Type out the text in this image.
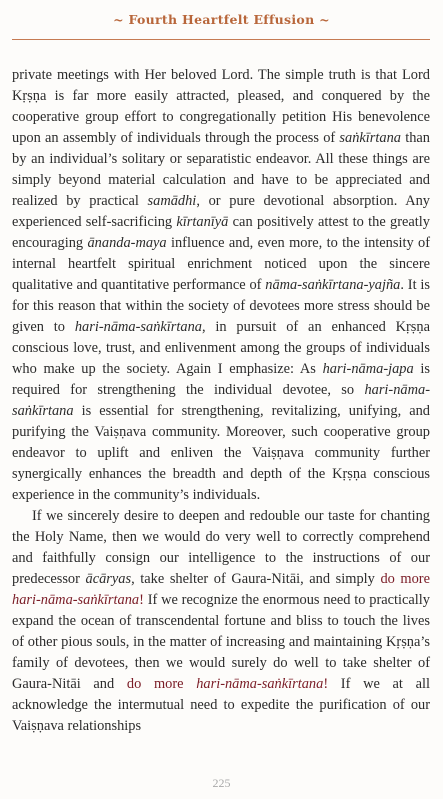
~ Fourth Heartfelt Effusion ~

private meetings with Her beloved Lord. The simple truth is that Lord Kṛṣṇa is far more easily attracted, pleased, and conquered by the cooperative group effort to congregationally petition His benevolence upon an assembly of individuals through the process of saṅkīrtana than by an individual’s solitary or separatistic endeavor. All these things are simply beyond material calculation and have to be appreciated and realized by practical samādhi, or pure devotional absorption. Any experienced self-sacrificing kīrtanīyā can positively attest to the greatly encouraging ānanda-maya influence and, even more, to the intensity of internal heartfelt spiritual enrichment noticed upon the sincere qualitative and quantitative performance of nāma-saṅkīrtana-yajña. It is for this reason that within the society of devotees more stress should be given to hari-nāma-saṅkīrtana, in pursuit of an enhanced Kṛṣṇa conscious love, trust, and enlivenment among the groups of individuals who make up the society. Again I emphasize: As hari-nāma-japa is required for strengthening the individual devotee, so hari-nāma-saṅkīrtana is essential for strengthening, revitalizing, unifying, and purifying the Vaiṣṇava community. Moreover, such cooperative group endeavor to uplift and enliven the Vaiṣṇava community further synergically enhances the breadth and depth of the Kṛṣṇa conscious experience in the community’s individuals.

If we sincerely desire to deepen and redouble our taste for chanting the Holy Name, then we would do very well to correctly comprehend and faithfully consign our intelligence to the instructions of our predecessor ācāryas, take shelter of Gaura-Nitāi, and simply do more hari-nāma-saṅkīrtana! If we recognize the enormous need to practically expand the ocean of transcendental fortune and bliss to touch the lives of other pious souls, in the matter of increasing and maintaining Kṛṣṇa’s family of devotees, then we would surely do well to take shelter of Gaura-Nitāi and do more hari-nāma-saṅkīrtana! If we at all acknowledge the intermutual need to expedite the purification of our Vaiṣṇava relationships

225
